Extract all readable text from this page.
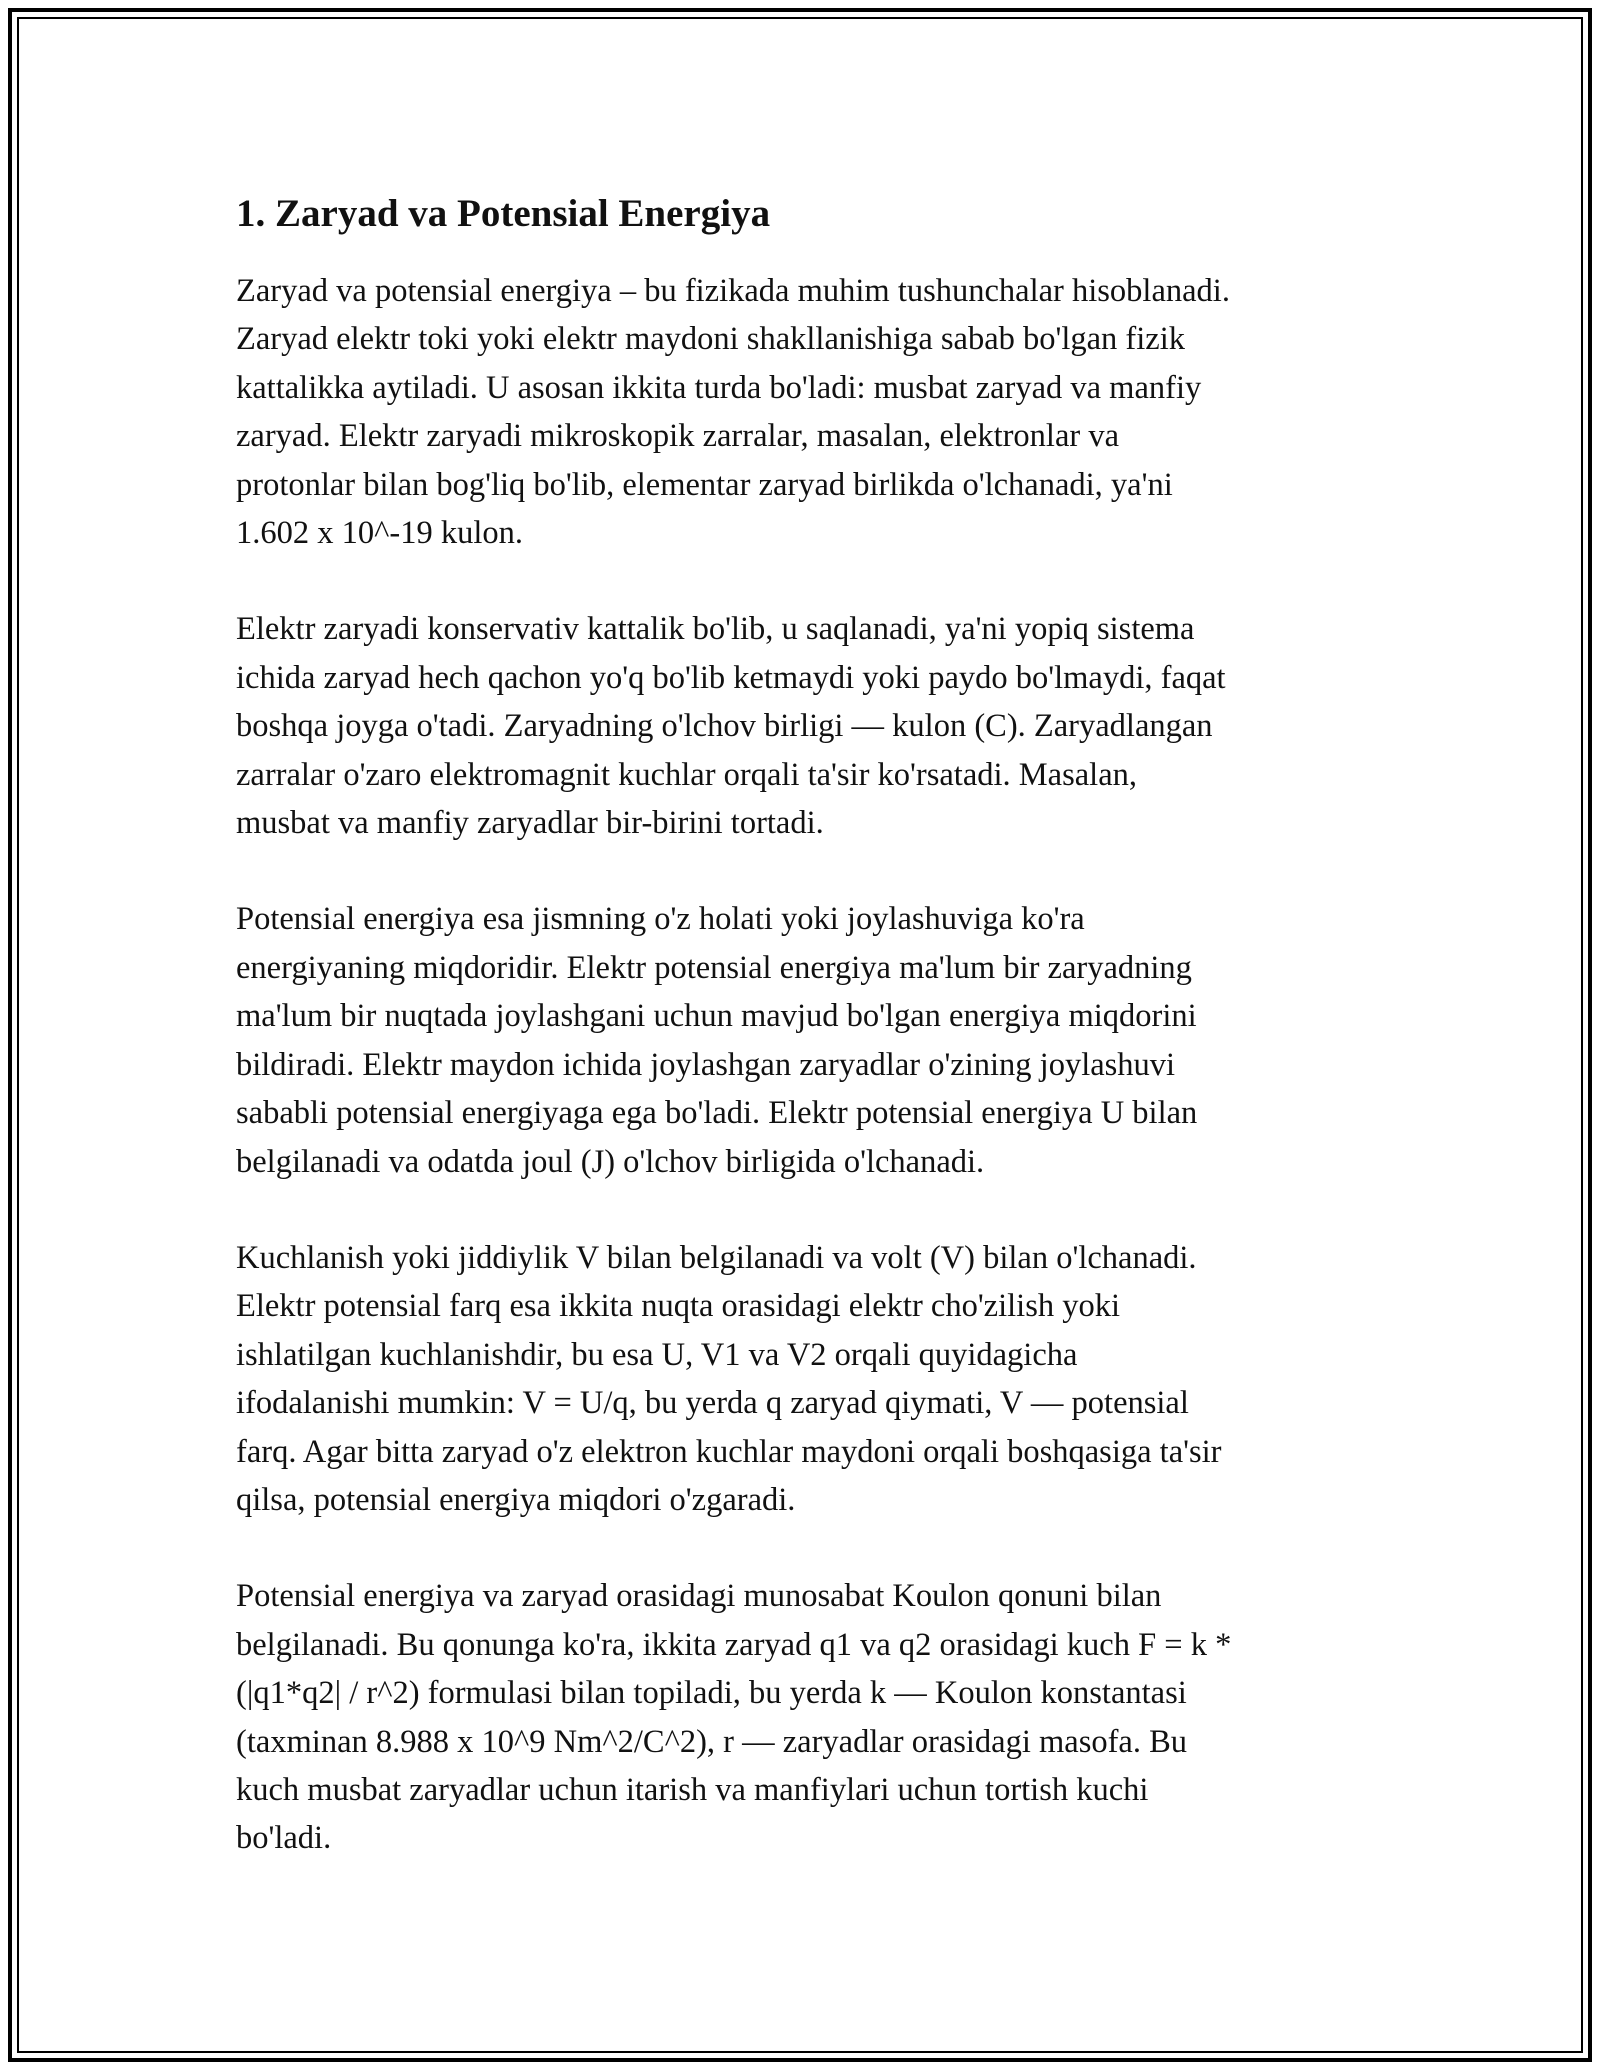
1. Zaryad va Potensial Energiya
Zaryad va potensial energiya – bu fizikada muhim tushunchalar hisoblanadi.
Zaryad elektr toki yoki elektr maydoni shakllanishiga sabab bo'lgan fizik
kattalikka aytiladi. U asosan ikkita turda bo'ladi: musbat zaryad va manfiy
zaryad. Elektr zaryadi mikroskopik zarralar, masalan, elektronlar va
protonlar bilan bog'liq bo'lib, elementar zaryad birlikda o'lchanadi, ya'ni
1.602 x 10^-19 kulon.
Elektr zaryadi konservativ kattalik bo'lib, u saqlanadi, ya'ni yopiq sistema
ichida zaryad hech qachon yo'q bo'lib ketmaydi yoki paydo bo'lmaydi, faqat
boshqa joyga o'tadi. Zaryadning o'lchov birligi — kulon (C). Zaryadlangan
zarralar o'zaro elektromagnit kuchlar orqali ta'sir ko'rsatadi. Masalan,
musbat va manfiy zaryadlar bir-birini tortadi.
Potensial energiya esa jismning o'z holati yoki joylashuviga ko'ra
energiyaning miqdoridir. Elektr potensial energiya ma'lum bir zaryadning
ma'lum bir nuqtada joylashgani uchun mavjud bo'lgan energiya miqdorini
bildiradi. Elektr maydon ichida joylashgan zaryadlar o'zining joylashuvi
sababli potensial energiyaga ega bo'ladi. Elektr potensial energiya U bilan
belgilanadi va odatda joul (J) o'lchov birligida o'lchanadi.
Kuchlanish yoki jiddiylik V bilan belgilanadi va volt (V) bilan o'lchanadi.
Elektr potensial farq esa ikkita nuqta orasidagi elektr cho'zilish yoki
ishlatilgan kuchlanishdir, bu esa U, V1 va V2 orqali quyidagicha
ifodalanishi mumkin: V = U/q, bu yerda q zaryad qiymati, V — potensial
farq. Agar bitta zaryad o'z elektron kuchlar maydoni orqali boshqasiga ta'sir
qilsa, potensial energiya miqdori o'zgaradi.
Potensial energiya va zaryad orasidagi munosabat Koulon qonuni bilan
belgilanadi. Bu qonunga ko'ra, ikkita zaryad q1 va q2 orasidagi kuch F = k *
(|q1*q2| / r^2) formulasi bilan topiladi, bu yerda k — Koulon konstantasi
(taxminan 8.988 x 10^9 Nm^2/C^2), r — zaryadlar orasidagi masofa. Bu
kuch musbat zaryadlar uchun itarish va manfiylari uchun tortish kuchi
bo'ladi.
